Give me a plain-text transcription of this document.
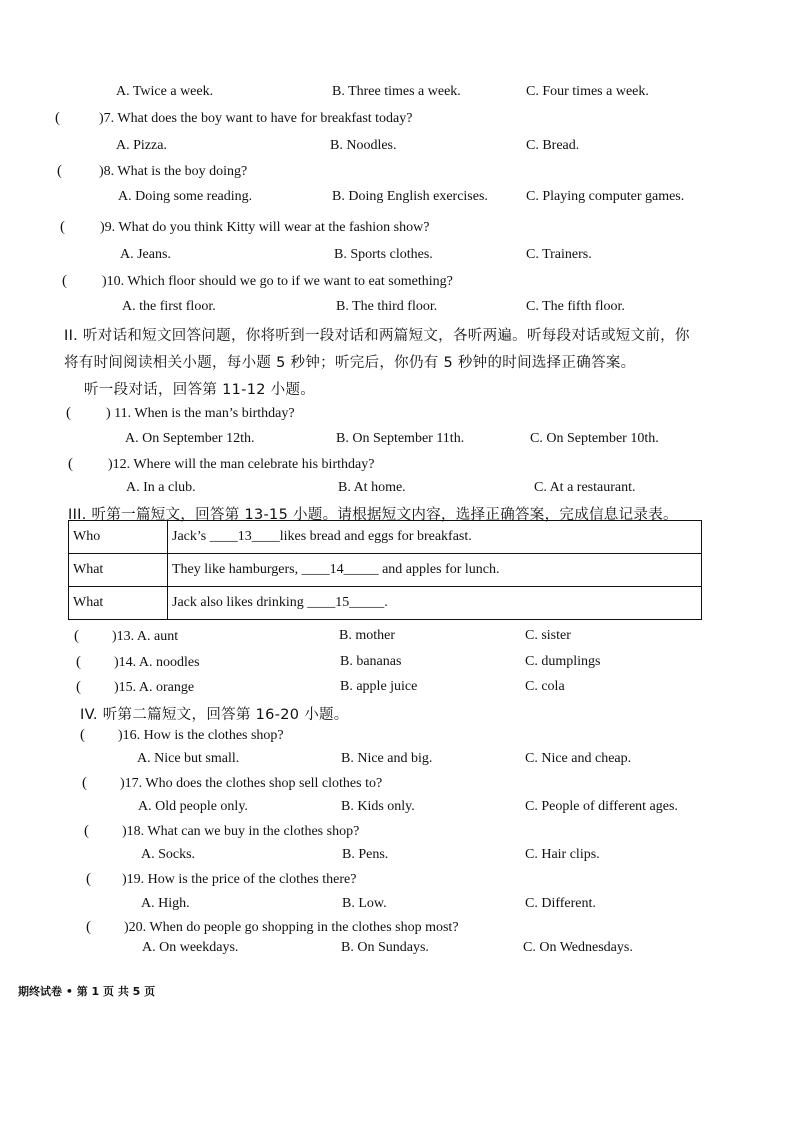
A. Twice a week.	B. Three times a week.	C. Four times a week.
(	)7. What does the boy want to have for breakfast today?
A. Pizza.	B. Noodles.	C. Bread.
(	)8. What is the boy doing?
A. Doing some reading.	B. Doing English exercises.	C. Playing computer games.
(	)9. What do you think Kitty will wear at the fashion show?
A. Jeans.	B. Sports clothes.	C. Trainers.
(	)10. Which floor should we go to if we want to eat something?
A. the first floor.	B. The third floor.	C. The fifth floor.
II. 听对话和短文回答问题，你将听到一段对话和两篇短文，各听两遍。听每段对话或短文前，你
将有时间阅读相关小题，每小题 5 秒钟；听完后，你仍有 5 秒钟的时间选择正确答案。
听一段对话，回答第 11-12 小题。
(	) 11. When is the man’s birthday?
A. On September 12th.	B. On September 11th.	C. On September 10th.
(	)12. Where will the man celebrate his birthday?
A. In a club.	B. At home.	C. At a restaurant.
III. 听第一篇短文，回答第 13-15 小题。请根据短文内容，选择正确答案，完成信息记录表。
Who	Jack’s ____13____likes bread and eggs for breakfast.
What	They like hamburgers, ____14_____ and apples for lunch.
What	Jack also likes drinking ____15_____.
( )13. A. aunt	B. mother	C. sister
( )14. A. noodles	B. bananas	C. dumplings
( )15. A. orange	B. apple juice	C. cola
IV. 听第二篇短文，回答第 16-20 小题。
( )16. How is the clothes shop?
A. Nice but small.	B. Nice and big.	C. Nice and cheap.
( )17. Who does the clothes shop sell clothes to?
A. Old people only.	B. Kids only.	C. People of different ages.
( )18. What can we buy in the clothes shop?
A. Socks.	B. Pens.	C. Hair clips.
( )19. How is the price of the clothes there?
A. High.	B. Low.	C. Different.
( )20. When do people go shopping in the clothes shop most?
A. On weekdays.	B. On Sundays.	C. On Wednesdays.
期终试卷 • 第 1 页 共 5 页
